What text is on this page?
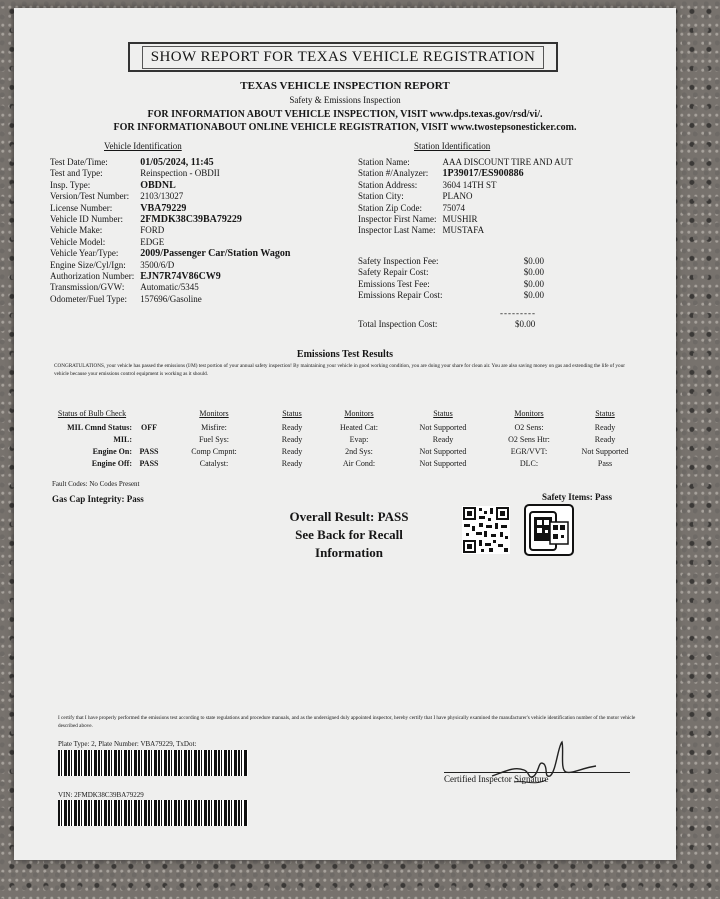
SHOW REPORT FOR TEXAS VEHICLE REGISTRATION
TEXAS VEHICLE INSPECTION REPORT
Safety & Emissions Inspection
FOR INFORMATION ABOUT VEHICLE INSPECTION, VISIT www.dps.texas.gov/rsd/vi/.
FOR INFORMATIONABOUT ONLINE VEHICLE REGISTRATION, VISIT www.twostepsonesticker.com.
Vehicle Identification
Test Date/Time:	01/05/2024, 11:45
Test and Type:	Reinspection - OBDII
Insp. Type:	OBDNL
Version/Test Number:	2103/13027
License Number:	VBA79229
Vehicle ID Number:	2FMDK38C39BA79229
Vehicle Make:	FORD
Vehicle Model:	EDGE
Vehicle Year/Type:	2009/Passenger Car/Station Wagon
Engine Size/Cyl/Ign:	3500/6/D
Authorization Number:	EJN7R74V86CW9
Transmission/GVW:	Automatic/5345
Odometer/Fuel Type:	157696/Gasoline
Station Identification
Station Name:	AAA DISCOUNT TIRE AND AUT
Station #/Analyzer:	1P39017/ES900886
Station Address:	3604 14TH ST
Station City:	PLANO
Station Zip Code:	75074
Inspector First Name:	MUSHIR
Inspector Last Name:	MUSTAFA
Safety Inspection Fee:	$0.00
Safety Repair Cost:	$0.00
Emissions Test Fee:	$0.00
Emissions Repair Cost:	$0.00
---------
Total Inspection Cost:	$0.00
Emissions Test Results
CONGRATULATIONS, your vehicle has passed the emissions (I/M) test portion of your annual safety inspection! By maintaining your vehicle in good working condition, you are doing your share for clean air. You are also saving money on gas and extending the life of your vehicle because your emissions control equipment is working as it should.
Status of Bulb Check		Monitors	Status	Monitors	Status	Monitors	Status

MIL Cmnd Status:	OFF	Misfire:	Ready	Heated Cat:	Not Supported	O2 Sens:	Ready
MIL:		Fuel Sys:	Ready	Evap:	Ready	O2 Sens Htr:	Ready
Engine On:	PASS	Comp Cmpnt:	Ready	2nd Sys:	Not Supported	EGR/VVT:	Not Supported
Engine Off:	PASS	Catalyst:	Ready	Air Cond:	Not Supported	DLC:	Pass
Fault Codes: No Codes Present
Gas Cap Integrity: Pass	Safety Items: Pass
Overall Result: PASS
See Back for Recall
Information
I certify that I have properly performed the emissions test according to state regulations and procedure manuals, and as the undersigned duly appointed inspector, hereby certify that I have physically examined the manufacturer's vehicle identification number of the motor vehicle described above.
Plate Type: 2, Plate Number: VBA79229, TxDot:
VIN: 2FMDK38C39BA79229
Certified Inspector Signature
